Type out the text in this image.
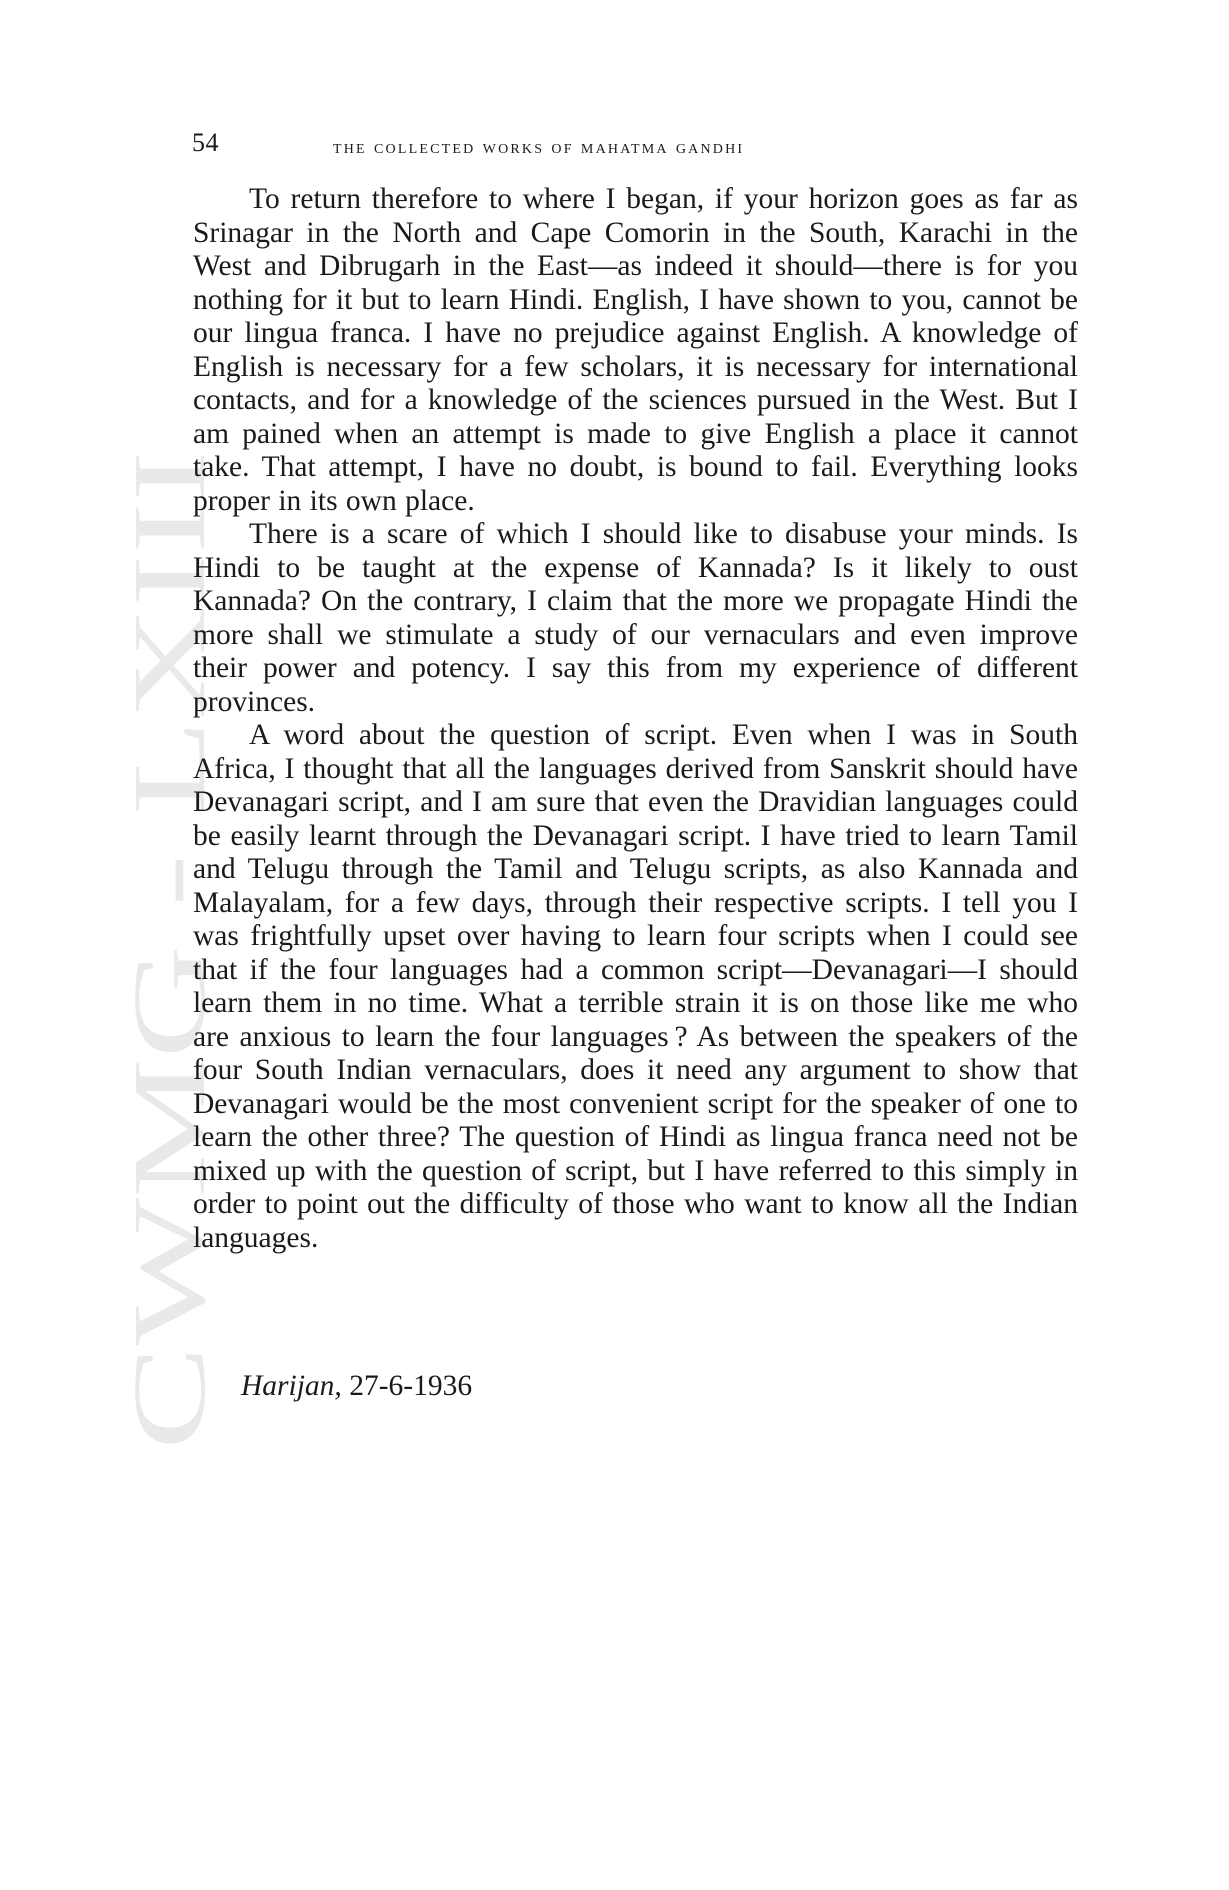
CWMG - LXIII
54	the collected works of mahatma gandhi

To return therefore to where I began, if your horizon goes as far as Srinagar in the North and Cape Comorin in the South, Karachi in the West and Dibrugarh in the East—as indeed it should—there is for you nothing for it but to learn Hindi. English, I have shown to you, cannot be our lingua franca. I have no prejudice against English. A knowledge of English is necessary for a few scholars, it is necessary for international contacts, and for a knowledge of the sciences pursued in the West. But I am pained when an attempt is made to give English a place it cannot take. That attempt, I have no doubt, is bound to fail. Everything looks proper in its own place.

There is a scare of which I should like to disabuse your minds. Is Hindi to be taught at the expense of Kannada? Is it likely to oust Kannada? On the contrary, I claim that the more we propagate Hindi the more shall we stimulate a study of our vernaculars and even improve their power and potency. I say this from my experience of different provinces.

A word about the question of script. Even when I was in South Africa, I thought that all the languages derived from Sanskrit should have Devanagari script, and I am sure that even the Dravidian languages could be easily learnt through the Devanagari script. I have tried to learn Tamil and Telugu through the Tamil and Telugu scripts, as also Kannada and Malayalam, for a few days, through their respective scripts. I tell you I was frightfully upset over having to learn four scripts when I could see that if the four languages had a common script—Devanagari—I should learn them in no time. What a terrible strain it is on those like me who are anxious to learn the four languages ? As between the speakers of the four South Indian vernaculars, does it need any argument to show that Devanagari would be the most convenient script for the speaker of one to learn the other three? The question of Hindi as lingua franca need not be mixed up with the question of script, but I have referred to this simply in order to point out the difficulty of those who want to know all the Indian languages.

Harijan, 27-6-1936
